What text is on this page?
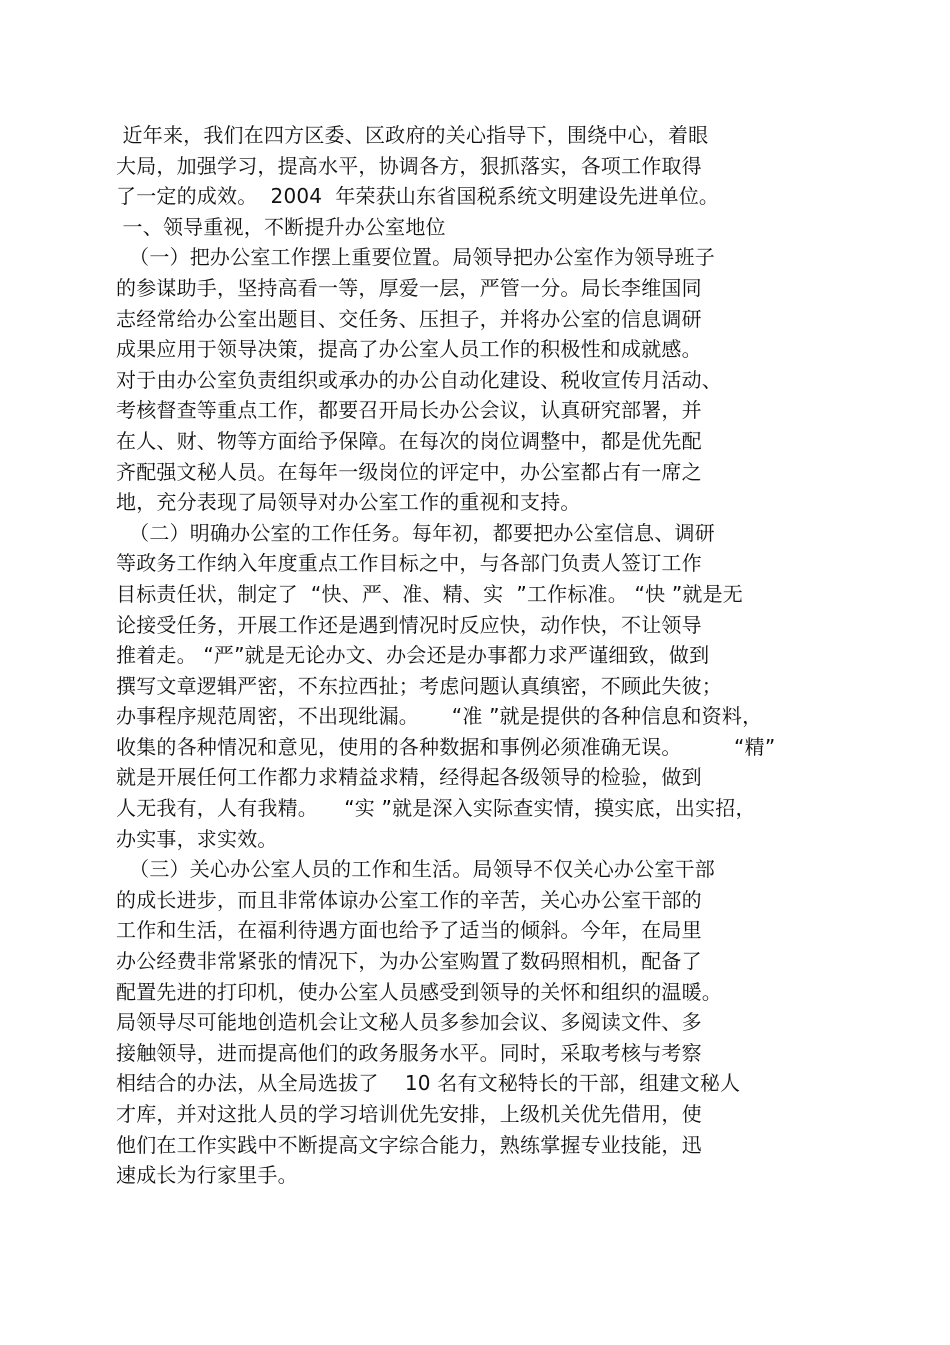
近年来，我们在四方区委、区政府的关心指导下，围绕中心，着眼
大局，加强学习，提高水平，协调各方，狠抓落实，各项工作取得
了一定的成效。  2004  年荣获山东省国税系统文明建设先进单位。
一、领导重视，不断提升办公室地位
（一）把办公室工作摆上重要位置。局领导把办公室作为领导班子
的参谋助手，坚持高看一等，厚爱一层，严管一分。局长李维国同
志经常给办公室出题目、交任务、压担子，并将办公室的信息调研
成果应用于领导决策，提高了办公室人员工作的积极性和成就感。
对于由办公室负责组织或承办的办公自动化建设、税收宣传月活动、
考核督查等重点工作，都要召开局长办公会议，认真研究部署，并
在人、财、物等方面给予保障。在每次的岗位调整中，都是优先配
齐配强文秘人员。在每年一级岗位的评定中，办公室都占有一席之
地，充分表现了局领导对办公室工作的重视和支持。
（二）明确办公室的工作任务。每年初，都要把办公室信息、调研
等政务工作纳入年度重点工作目标之中，与各部门负责人签订工作
目标责任状，制定了  “快、严、准、精、实  ”工作标准。 “快 ”就是无
论接受任务，开展工作还是遇到情况时反应快，动作快，不让领导
推着走。 “严”就是无论办文、办会还是办事都力求严谨细致，做到
撰写文章逻辑严密，不东拉西扯；考虑问题认真缜密，不顾此失彼；
办事程序规范周密，不出现纰漏。     “准 ”就是提供的各种信息和资料，
收集的各种情况和意见，使用的各种数据和事例必须准确无误。        “精”
就是开展任何工作都力求精益求精，经得起各级领导的检验，做到
人无我有，人有我精。    “实 ”就是深入实际查实情，摸实底，出实招，
办实事，求实效。
（三）关心办公室人员的工作和生活。局领导不仅关心办公室干部
的成长进步，而且非常体谅办公室工作的辛苦，关心办公室干部的
工作和生活，在福利待遇方面也给予了适当的倾斜。今年，在局里
办公经费非常紧张的情况下，为办公室购置了数码照相机，配备了
配置先进的打印机，使办公室人员感受到领导的关怀和组织的温暖。
局领导尽可能地创造机会让文秘人员多参加会议、多阅读文件、多
接触领导，进而提高他们的政务服务水平。同时，采取考核与考察
相结合的办法，从全局选拔了    10 名有文秘特长的干部，组建文秘人
才库，并对这批人员的学习培训优先安排，上级机关优先借用，使
他们在工作实践中不断提高文字综合能力，熟练掌握专业技能，迅
速成长为行家里手。
